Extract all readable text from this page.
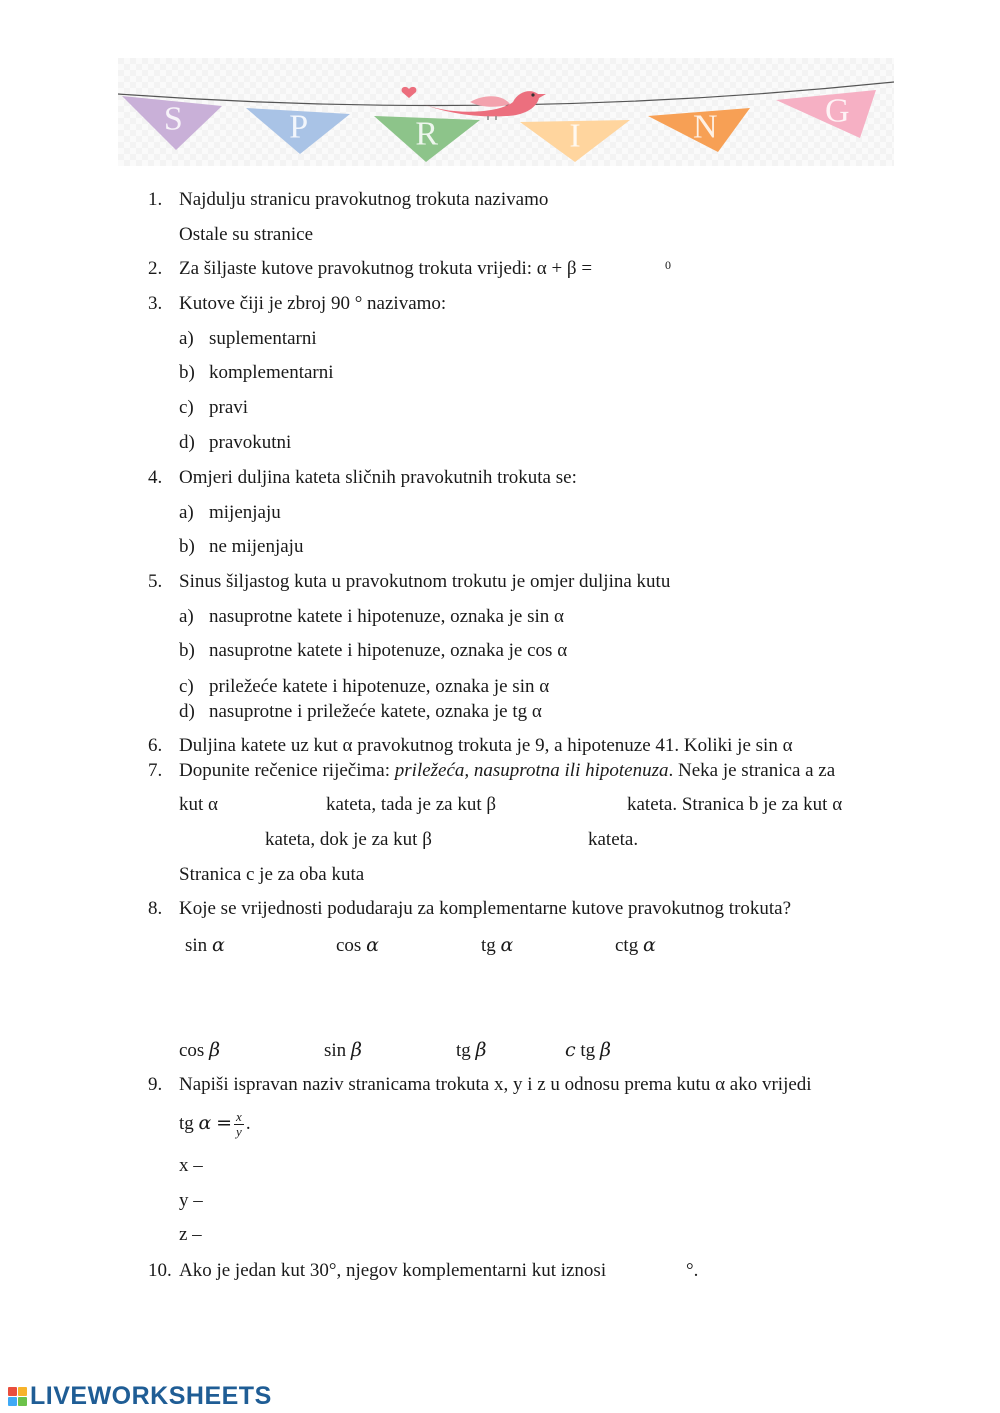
S	P	R	I	N	G
1. Najdulju stranicu pravokutnog trokuta nazivamo
Ostale su stranice
2. Za šiljaste kutove pravokutnog trokuta vrijedi: α + β =	0
3. Kutove čiji je zbroj 90 ° nazivamo:
a) suplementarni
b) komplementarni
c) pravi
d) pravokutni
4. Omjeri duljina kateta sličnih pravokutnih trokuta se:
a) mijenjaju
b) ne mijenjaju
5. Sinus šiljastog kuta u pravokutnom trokutu je omjer duljina kutu
a) nasuprotne katete i hipotenuze, oznaka je sin α
b) nasuprotne katete i hipotenuze, oznaka je cos α
c) priležeće katete i hipotenuze, oznaka je sin α
d) nasuprotne i priležeće katete, oznaka je tg α
6. Duljina katete uz kut α pravokutnog trokuta je 9, a hipotenuze 41. Koliki je sin α
7. Dopunite rečenice riječima: priležeća, nasuprotna ili hipotenuza. Neka je stranica a za
kut α	kateta, tada je za kut β	kateta. Stranica b je za kut α
kateta, dok je za kut β	kateta.
Stranica c je za oba kuta
8. Koje se vrijednosti podudaraju za komplementarne kutove pravokutnog trokuta?
sin α	cos α	tg α	ctg α
cos β	sin β	tg β	c tg β
9. Napiši ispravan naziv stranicama trokuta x, y i z u odnosu prema kutu α ako vrijedi
tg $\alpha = \frac{x}{y}$ .
x –
y –
z –
10. Ako je jedan kut 30°, njegov komplementarni kut iznosi	°.
LIVEWORKSHEETS
